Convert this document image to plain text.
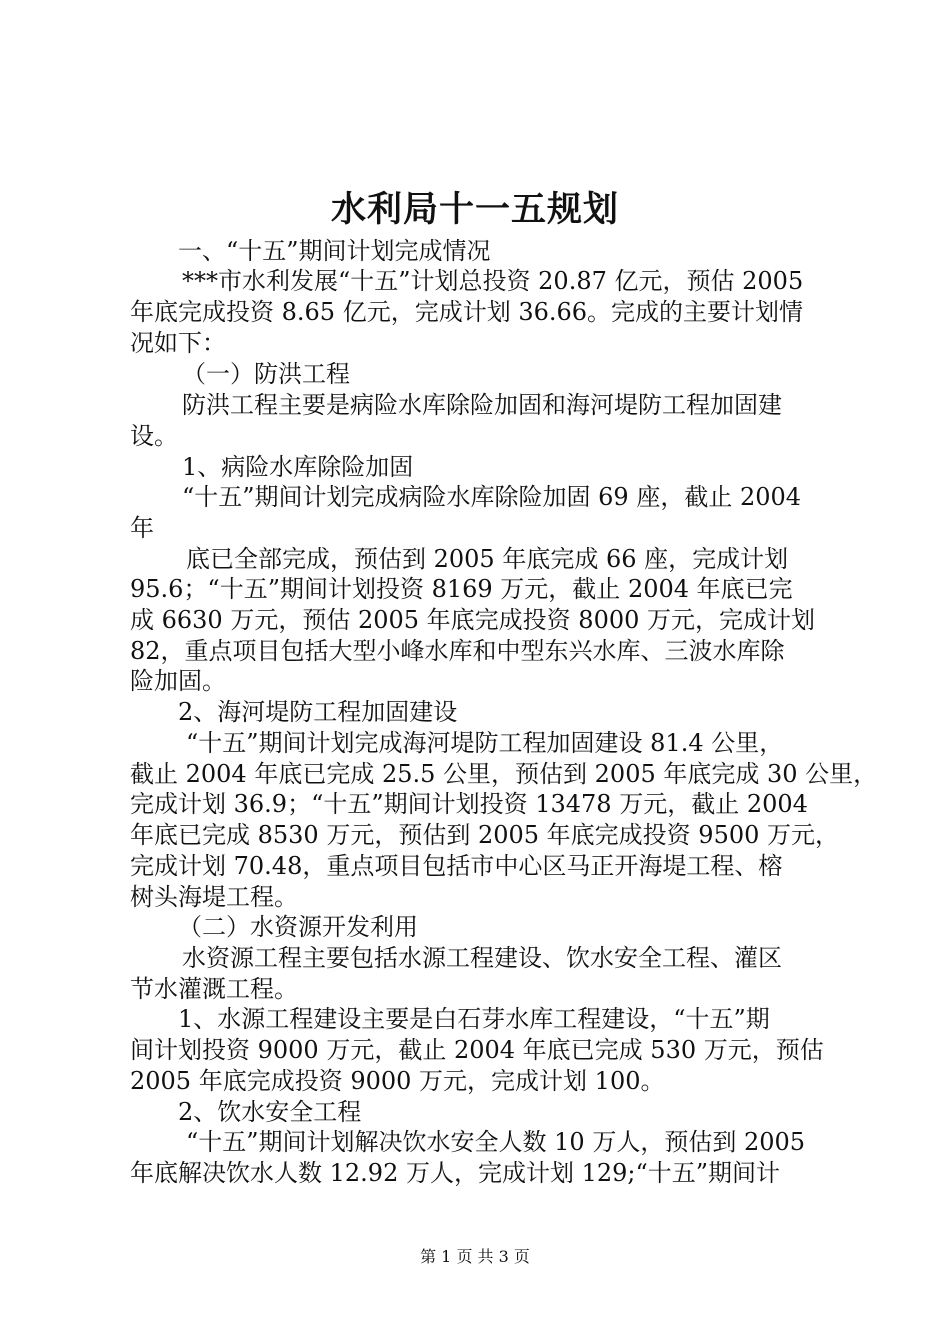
水利局十一五规划
一、“十五”期间计划完成情况
***市水利发展“十五”计划总投资 20.87 亿元，预估 2005
年底完成投资 8.65 亿元，完成计划 36.66。完成的主要计划情
况如下：
（一）防洪工程
防洪工程主要是病险水库除险加固和海河堤防工程加固建
设。
1、病险水库除险加固
“十五”期间计划完成病险水库除险加固 69 座，截止 2004
年
底已全部完成，预估到 2005 年底完成 66 座，完成计划
95.6；“十五”期间计划投资 8169 万元，截止 2004 年底已完
成 6630 万元，预估 2005 年底完成投资 8000 万元，完成计划
82，重点项目包括大型小峰水库和中型东兴水库、三波水库除
险加固。
2、海河堤防工程加固建设
“十五”期间计划完成海河堤防工程加固建设 81.4 公里，
截止 2004 年底已完成 25.5 公里，预估到 2005 年底完成 30 公里，
完成计划 36.9；“十五”期间计划投资 13478 万元，截止 2004
年底已完成 8530 万元，预估到 2005 年底完成投资 9500 万元，
完成计划 70.48，重点项目包括市中心区马正开海堤工程、榕
树头海堤工程。
（二）水资源开发利用
水资源工程主要包括水源工程建设、饮水安全工程、灌区
节水灌溉工程。
1、水源工程建设主要是白石芽水库工程建设，“十五”期
间计划投资 9000 万元，截止 2004 年底已完成 530 万元，预估
2005 年底完成投资 9000 万元，完成计划 100。
2、饮水安全工程
“十五”期间计划解决饮水安全人数 10 万人，预估到 2005
年底解决饮水人数 12.92 万人，完成计划 129;“十五”期间计
第 1 页 共 3 页
